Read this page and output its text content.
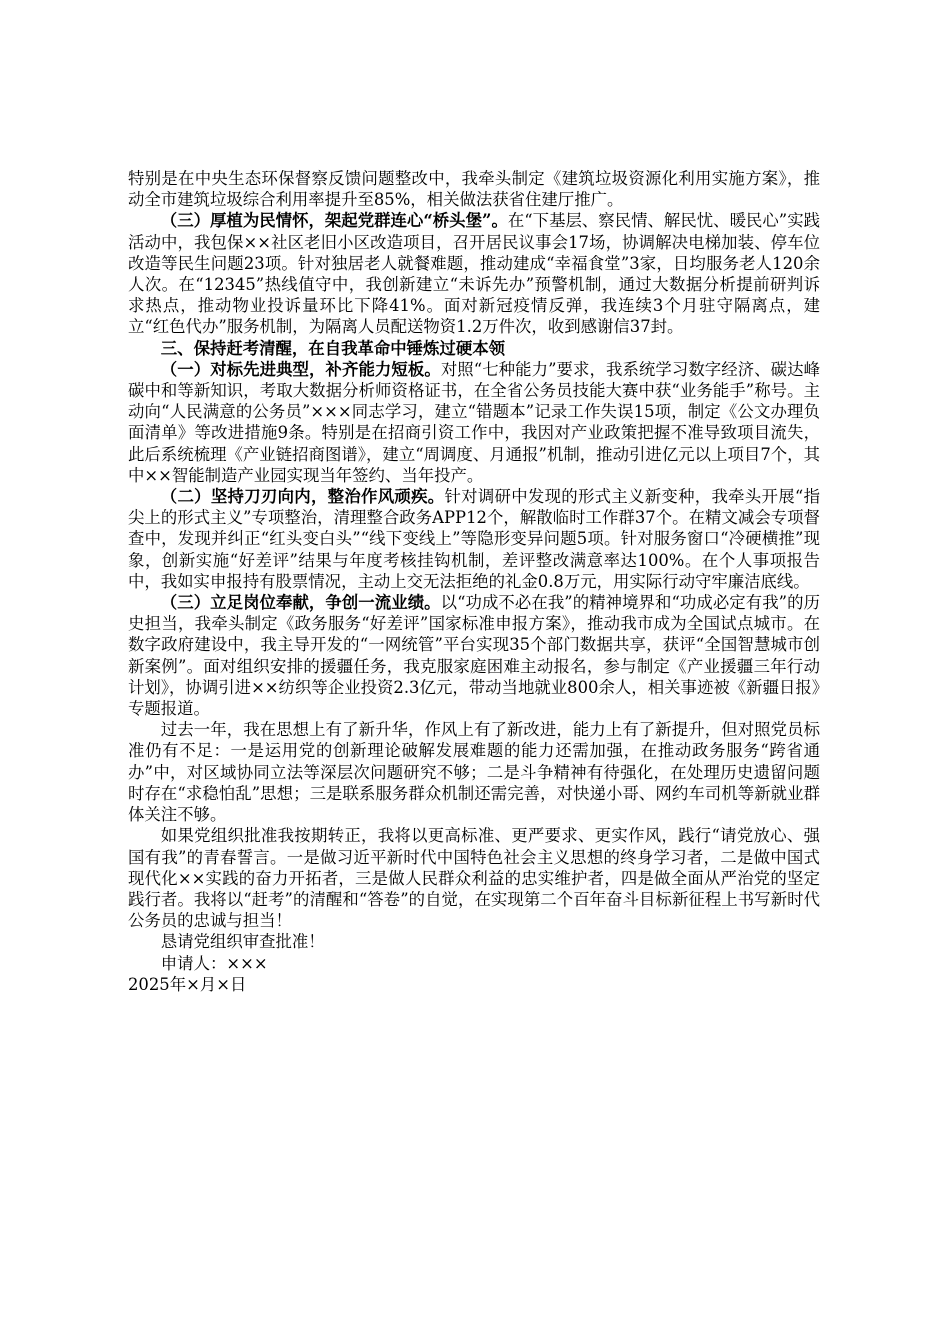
特别是在中央生态环保督察反馈问题整改中，我牵头制定《建筑垃圾资源化利用实施方案》，推动全市建筑垃圾综合利用率提升至85%，相关做法获省住建厅推广。

（三）厚植为民情怀，架起党群连心“桥头堡”。在“下基层、察民情、解民忧、暖民心”实践活动中，我包保××社区老旧小区改造项目，召开居民议事会17场，协调解决电梯加装、停车位改造等民生问题23项。针对独居老人就餐难题，推动建成“幸福食堂”3家，日均服务老人120余人次。在“12345”热线值守中，我创新建立“未诉先办”预警机制，通过大数据分析提前研判诉求热点，推动物业投诉量环比下降41%。面对新冠疫情反弹，我连续3个月驻守隔离点，建立“红色代办”服务机制，为隔离人员配送物资1.2万件次，收到感谢信37封。

三、保持赶考清醒，在自我革命中锤炼过硬本领

（一）对标先进典型，补齐能力短板。对照“七种能力”要求，我系统学习数字经济、碳达峰碳中和等新知识，考取大数据分析师资格证书，在全省公务员技能大赛中获“业务能手”称号。主动向“人民满意的公务员”×××同志学习，建立“错题本”记录工作失误15项，制定《公文办理负面清单》等改进措施9条。特别是在招商引资工作中，我因对产业政策把握不准导致项目流失，此后系统梳理《产业链招商图谱》，建立“周调度、月通报”机制，推动引进亿元以上项目7个，其中××智能制造产业园实现当年签约、当年投产。

（二）坚持刀刃向内，整治作风顽疾。针对调研中发现的形式主义新变种，我牵头开展“指尖上的形式主义”专项整治，清理整合政务APP12个，解散临时工作群37个。在精文减会专项督查中，发现并纠正“红头变白头”“线下变线上”等隐形变异问题5项。针对服务窗口“冷硬横推”现象，创新实施“好差评”结果与年度考核挂钩机制，差评整改满意率达100%。在个人事项报告中，我如实申报持有股票情况，主动上交无法拒绝的礼金0.8万元，用实际行动守牢廉洁底线。

（三）立足岗位奉献，争创一流业绩。以“功成不必在我”的精神境界和“功成必定有我”的历史担当，我牵头制定《政务服务“好差评”国家标准申报方案》，推动我市成为全国试点城市。在数字政府建设中，我主导开发的“一网统管”平台实现35个部门数据共享，获评“全国智慧城市创新案例”。面对组织安排的援疆任务，我克服家庭困难主动报名，参与制定《产业援疆三年行动计划》，协调引进××纺织等企业投资2.3亿元，带动当地就业800余人，相关事迹被《新疆日报》专题报道。

过去一年，我在思想上有了新升华，作风上有了新改进，能力上有了新提升，但对照党员标准仍有不足：一是运用党的创新理论破解发展难题的能力还需加强，在推动政务服务“跨省通办”中，对区域协同立法等深层次问题研究不够；二是斗争精神有待强化，在处理历史遗留问题时存在“求稳怕乱”思想；三是联系服务群众机制还需完善，对快递小哥、网约车司机等新就业群体关注不够。

如果党组织批准我按期转正，我将以更高标准、更严要求、更实作风，践行“请党放心、强国有我”的青春誓言。一是做习近平新时代中国特色社会主义思想的终身学习者，二是做中国式现代化××实践的奋力开拓者，三是做人民群众利益的忠实维护者，四是做全面从严治党的坚定践行者。我将以“赶考”的清醒和“答卷”的自觉，在实现第二个百年奋斗目标新征程上书写新时代公务员的忠诚与担当！

恳请党组织审查批准！

申请人：×××

2025年×月×日
